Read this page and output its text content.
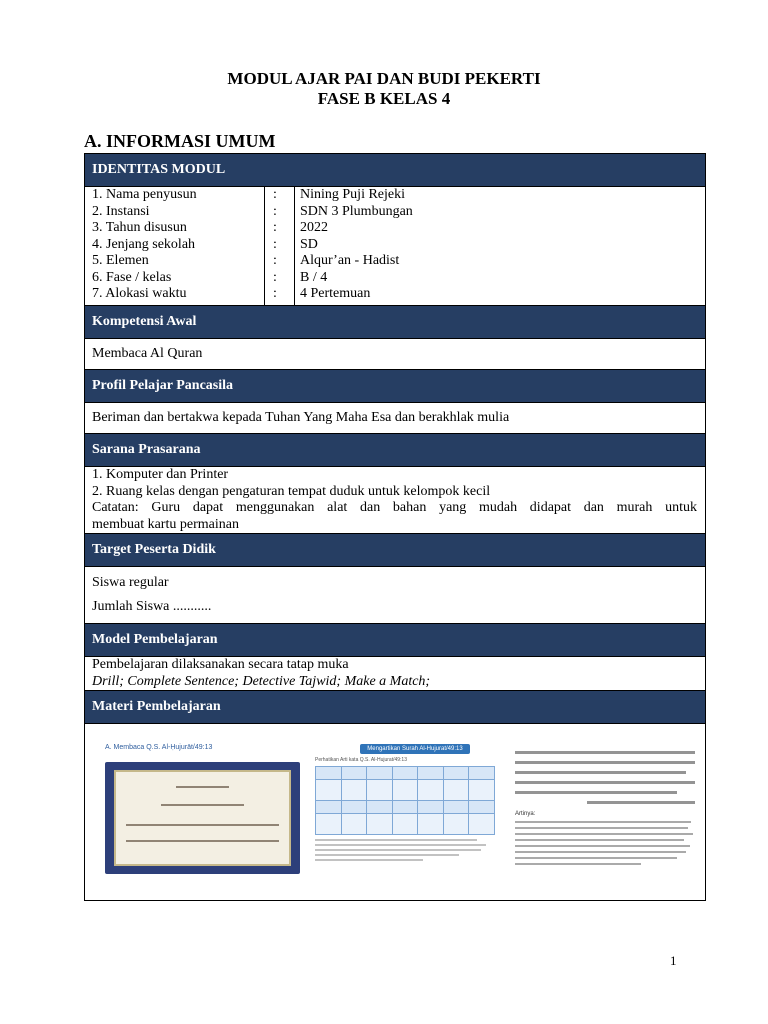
MODUL AJAR PAI DAN BUDI PEKERTI
FASE B KELAS 4
A. INFORMASI UMUM
IDENTITAS MODUL
1. Nama penyusun
2. Instansi
3. Tahun disusun
4. Jenjang sekolah
5. Elemen
6. Fase / kelas
7. Alokasi waktu
:
:
:
:
:
:
:
Nining Puji Rejeki
SDN 3 Plumbungan
2022
SD
Alqur’an - Hadist
B / 4
4 Pertemuan
Kompetensi Awal
Membaca Al Quran
Profil Pelajar Pancasila
Beriman dan bertakwa kepada Tuhan Yang Maha Esa dan berakhlak mulia
Sarana Prasarana
1. Komputer dan Printer
2. Ruang kelas dengan pengaturan tempat duduk untuk kelompok kecil
Catatan: Guru dapat menggunakan alat dan bahan yang mudah didapat dan murah untuk
membuat kartu permainan
Target Peserta Didik
Siswa regular
Jumlah Siswa ...........
Model Pembelajaran
Pembelajaran dilaksanakan secara tatap muka
Drill; Complete Sentence; Detective Tajwid; Make a Match;
Materi Pembelajaran
A. Membaca Q.S. Al-Ḥujurāt/49:13	Mengartikan Surah Al-Hujurat/49:13
Perhatikan Arti kata Q.S. Al-Hujurat/49:13
Artinya:
1
